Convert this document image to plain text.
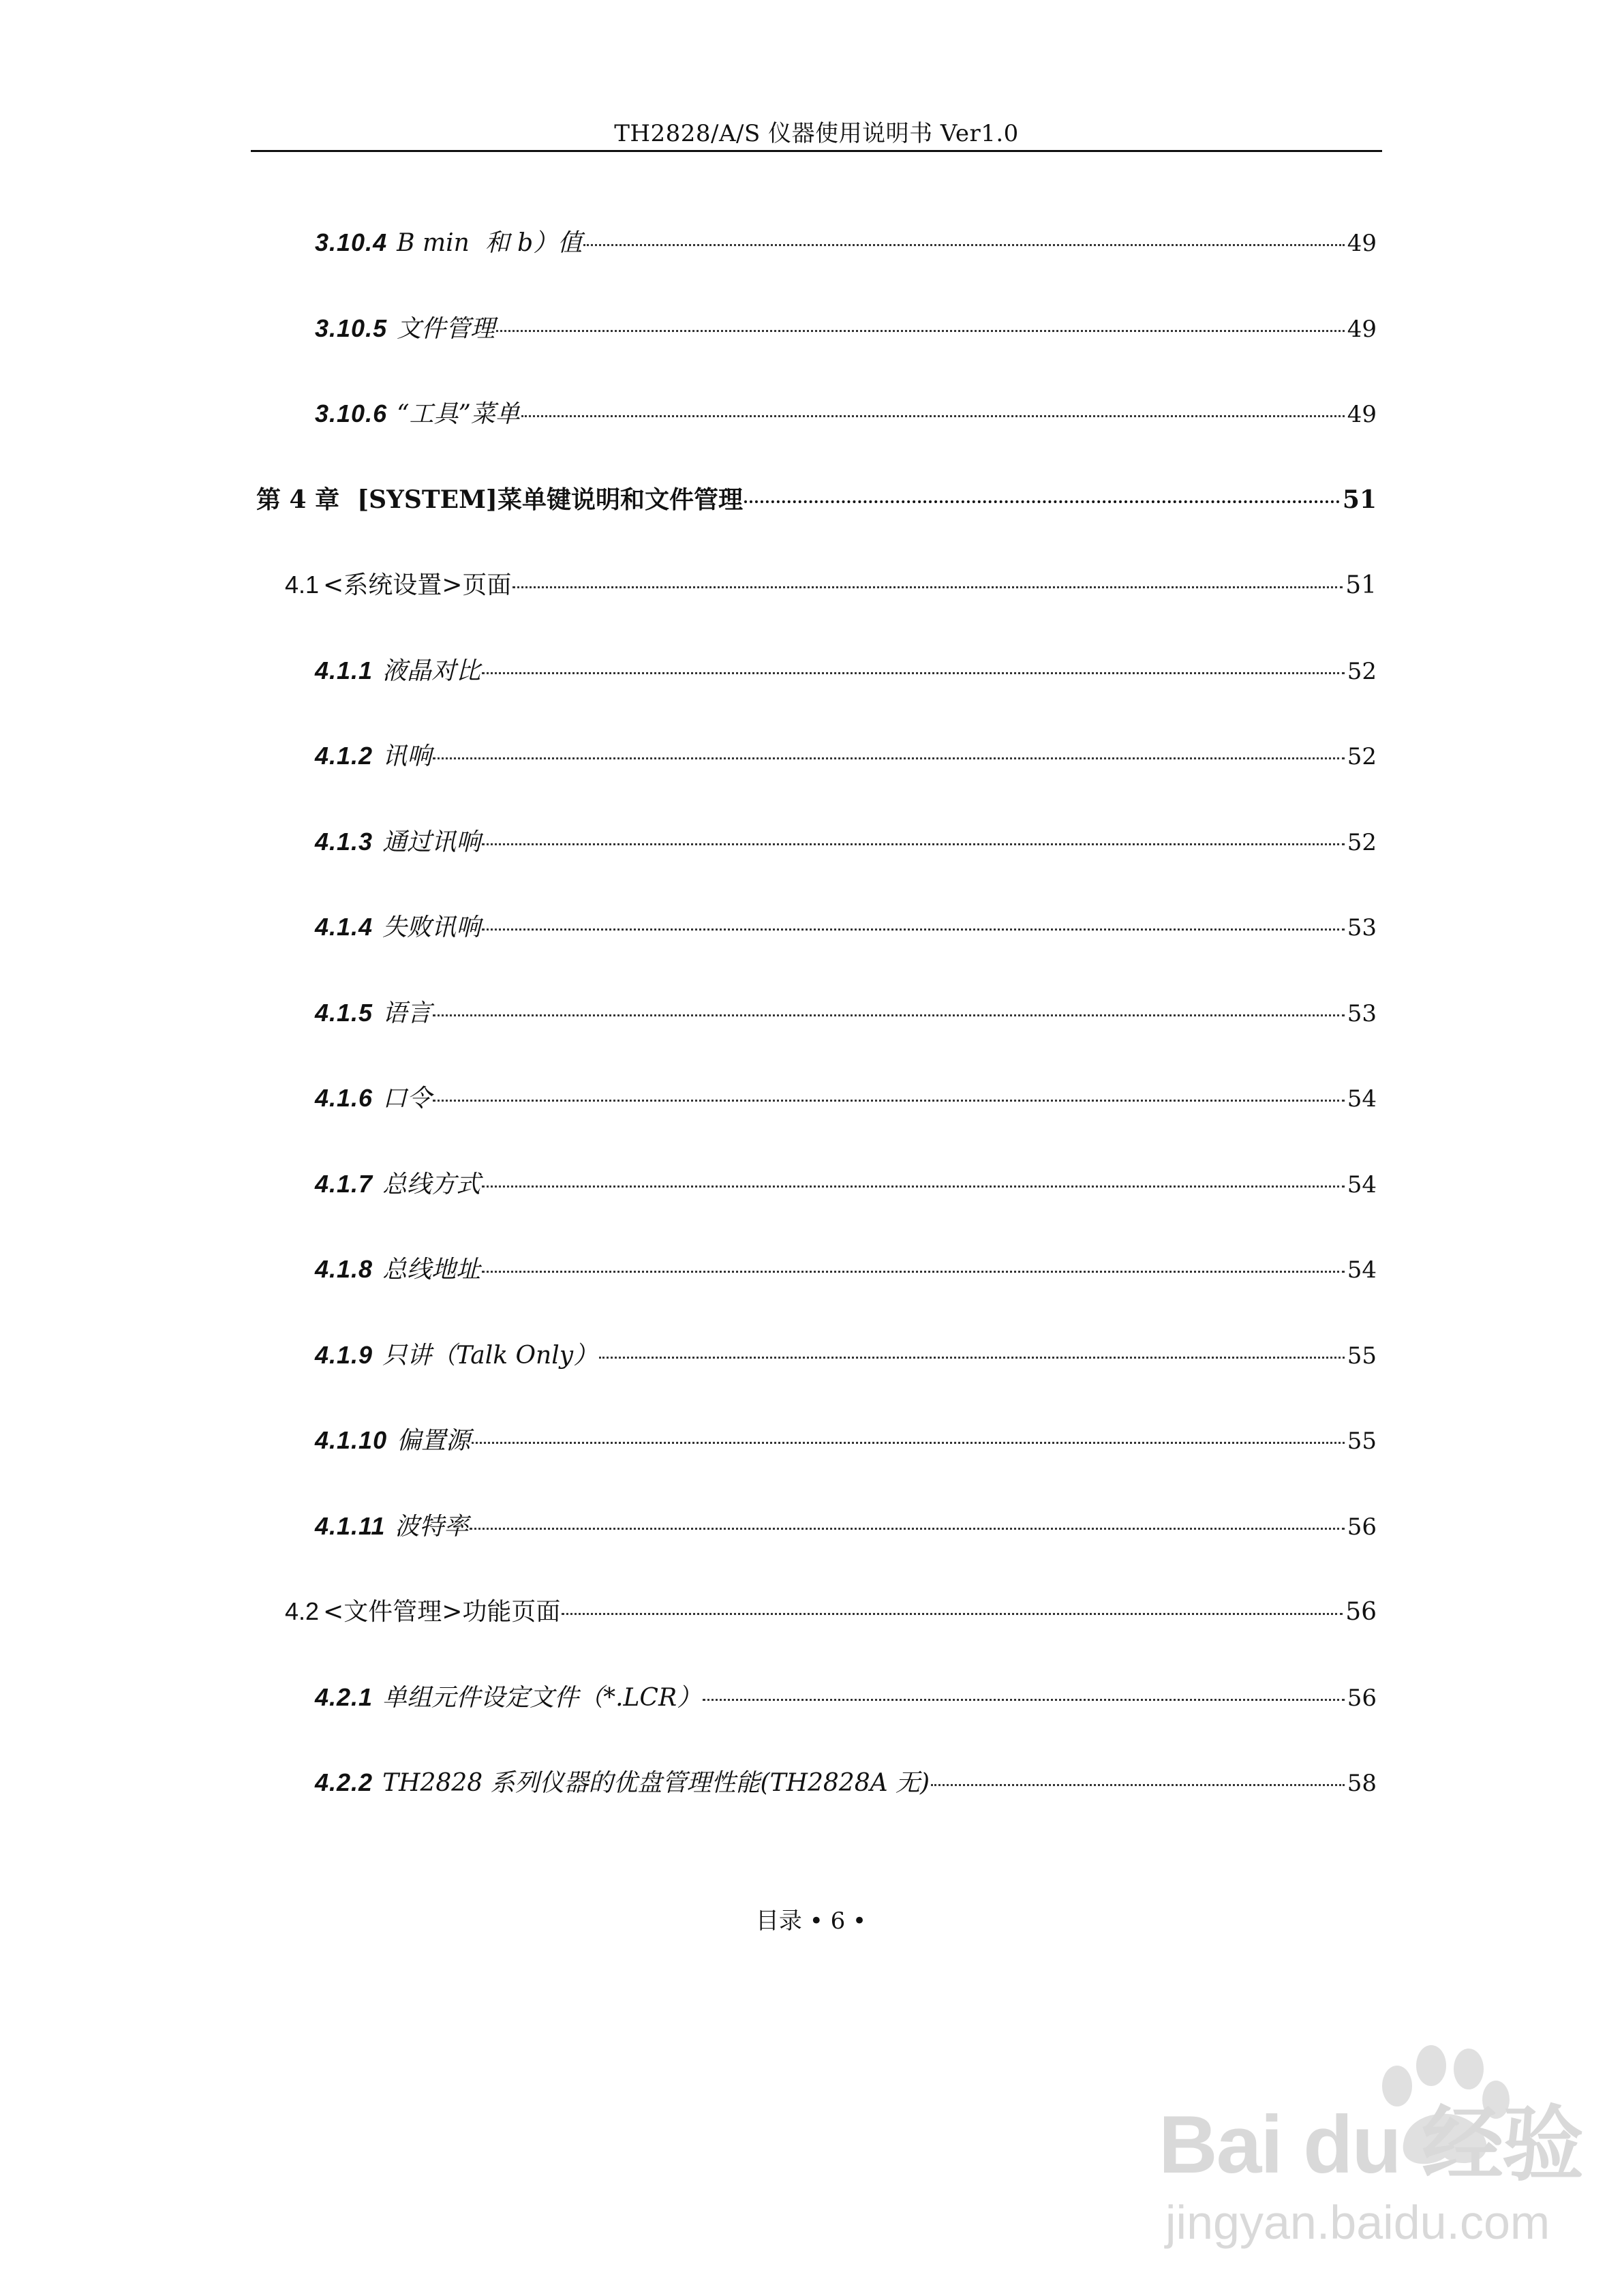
TH2828/A/S 仪器使用说明书 Ver1.0
3.10.4 B min  和 b）值	49
3.10.5 文件管理	49
3.10.6 “工具”菜单	49
第 4 章 [SYSTEM]菜单键说明和文件管理	51
4.1 <系统设置>页面	51
4.1.1 液晶对比	52
4.1.2 讯响	52
4.1.3 通过讯响	52
4.1.4 失败讯响	53
4.1.5 语言	53
4.1.6 口令	54
4.1.7 总线方式	54
4.1.8 总线地址	54
4.1.9 只讲（Talk Only）	55
4.1.10 偏置源	55
4.1.11 波特率	56
4.2 <文件管理>功能页面	56
4.2.1 单组元件设定文件（*.LCR）	56
4.2.2 TH2828 系列仪器的优盘管理性能(TH2828A 无)	58
目录 • 6 •
Bai du 经验
jingyan.baidu.com
